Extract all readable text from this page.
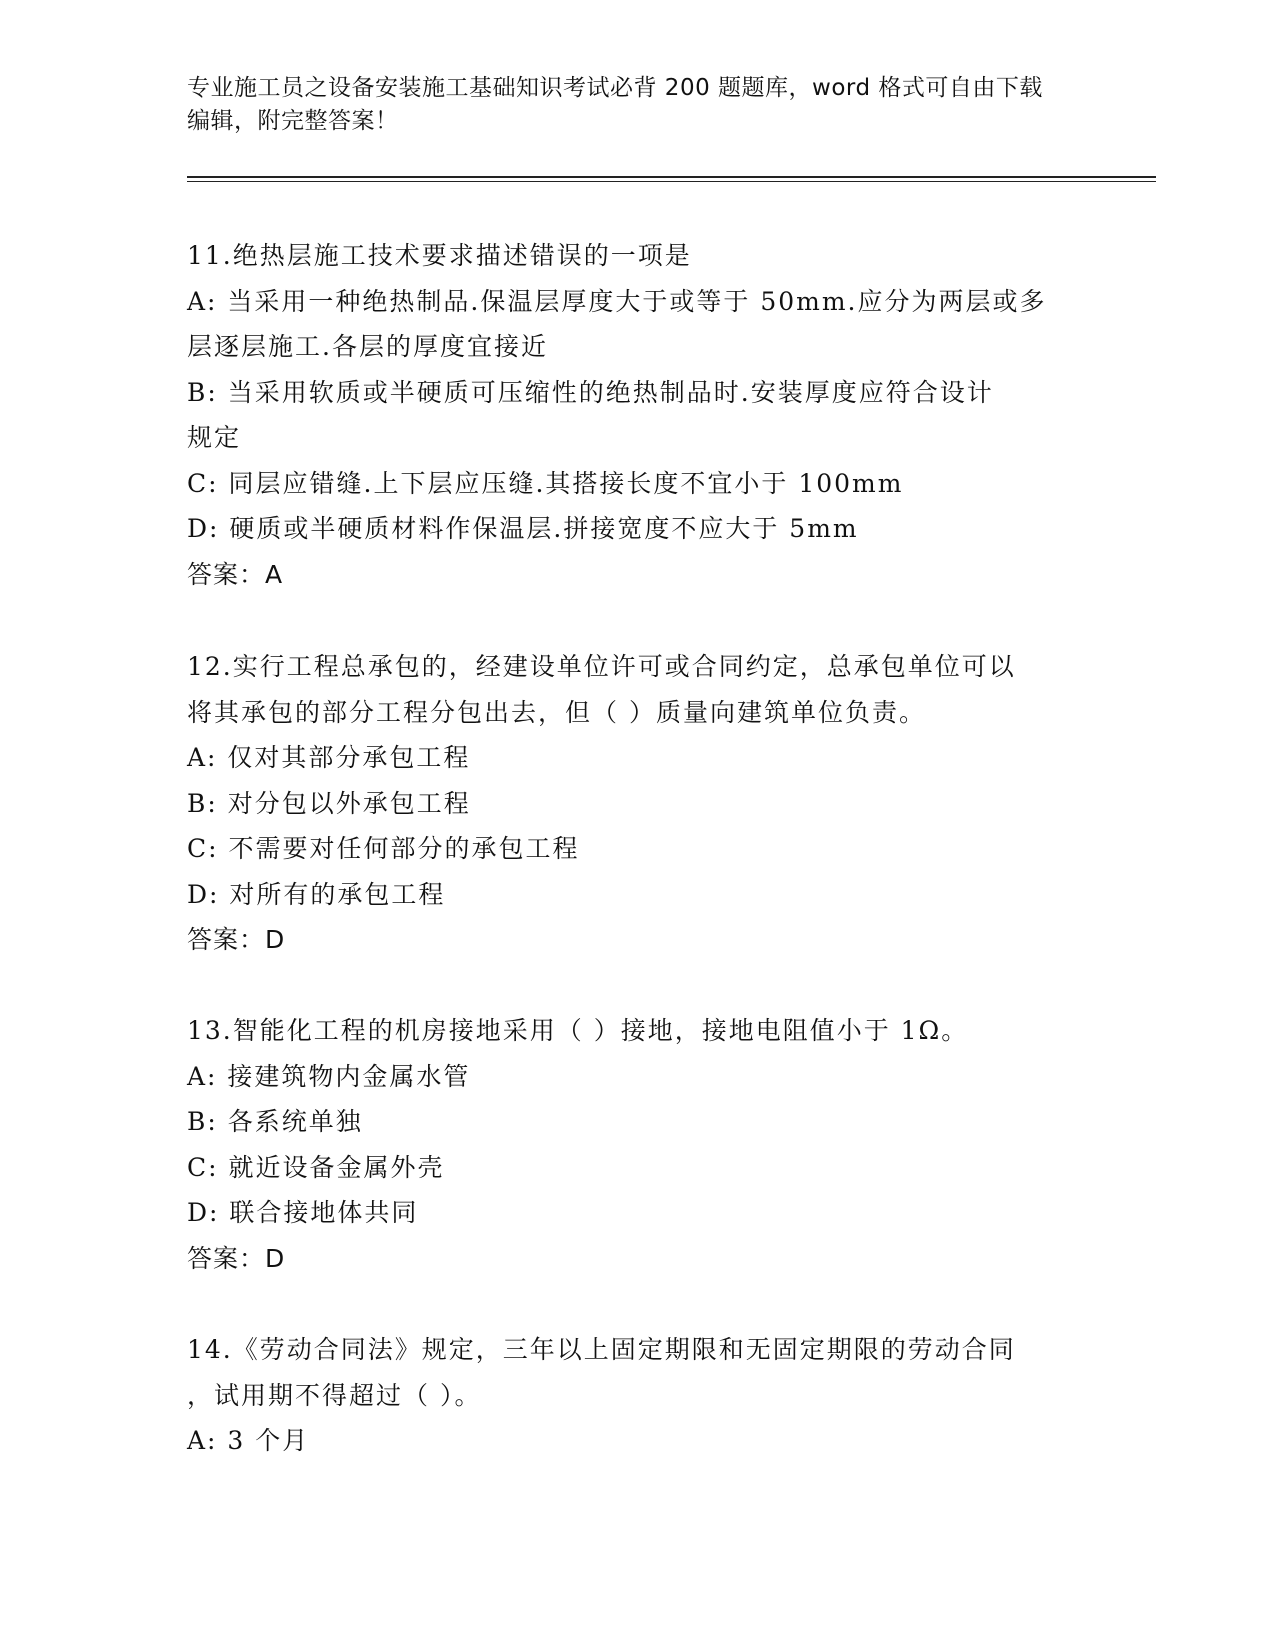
专业施工员之设备安装施工基础知识考试必背 200 题题库，word 格式可自由下载
编辑，附完整答案！
11.绝热层施工技术要求描述错误的一项是
A: 当采用一种绝热制品.保温层厚度大于或等于 50mm.应分为两层或多
层逐层施工.各层的厚度宜接近
B: 当采用软质或半硬质可压缩性的绝热制品时.安装厚度应符合设计
规定
C: 同层应错缝.上下层应压缝.其搭接长度不宜小于 100mm
D: 硬质或半硬质材料作保温层.拼接宽度不应大于 5mm
答案：A
12.实行工程总承包的，经建设单位许可或合同约定，总承包单位可以
将其承包的部分工程分包出去，但（ ）质量向建筑单位负责。
A: 仅对其部分承包工程
B: 对分包以外承包工程
C: 不需要对任何部分的承包工程
D: 对所有的承包工程
答案：D
13.智能化工程的机房接地采用（ ）接地，接地电阻值小于 1Ω。
A: 接建筑物内金属水管
B: 各系统单独
C: 就近设备金属外壳
D: 联合接地体共同
答案：D
14.《劳动合同法》规定，三年以上固定期限和无固定期限的劳动合同
，试用期不得超过（ ）。
A: 3 个月
